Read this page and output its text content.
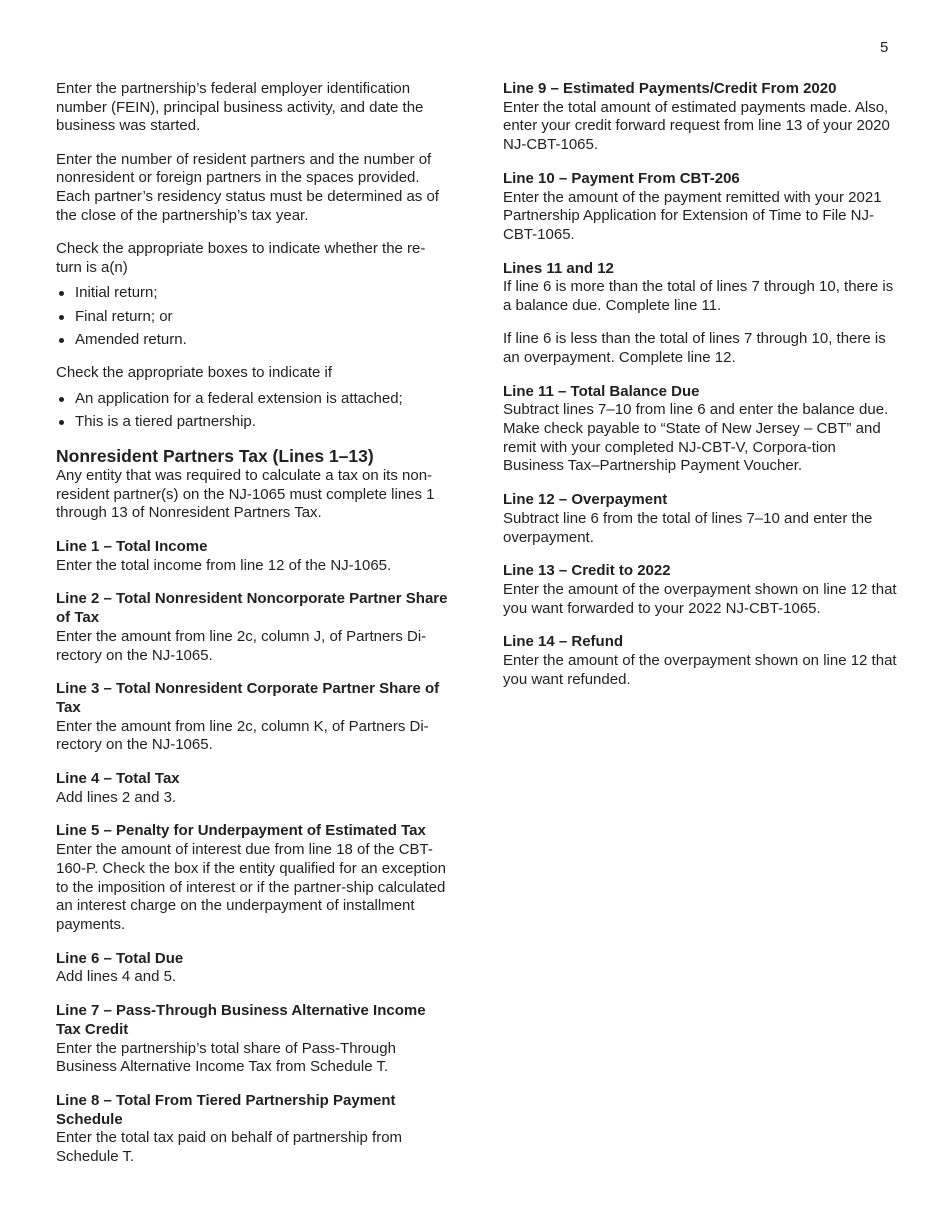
5

Enter the partnership’s federal employer identification number (FEIN), principal business activity, and date the business was started.

Enter the number of resident partners and the number of nonresident or foreign partners in the spaces provided. Each partner’s residency status must be determined as of the close of the partnership’s tax year.

Check the appropriate boxes to indicate whether the re-turn is a(n)

Initial return;
Final return; or
Amended return.

Check the appropriate boxes to indicate if

An application for a federal extension is attached;
This is a tiered partnership.

Nonresident Partners Tax (Lines 1–13)

Any entity that was required to calculate a tax on its non-resident partner(s) on the NJ-1065 must complete lines 1 through 13 of Nonresident Partners Tax.

Line 1 – Total Income

Enter the total income from line 12 of the NJ-1065.

Line 2 – Total Nonresident Noncorporate Partner Share of Tax

Enter the amount from line 2c, column J, of Partners Di-rectory on the NJ-1065.

Line 3 – Total Nonresident Corporate Partner Share of Tax

Enter the amount from line 2c, column K, of Partners Di-rectory on the NJ-1065.

Line 4 – Total Tax

Add lines 2 and 3.

Line 5 – Penalty for Underpayment of Estimated Tax

Enter the amount of interest due from line 18 of the CBT-160-P. Check the box if the entity qualified for an exception to the imposition of interest or if the partner-ship calculated an interest charge on the underpayment of installment payments.

Line 6 – Total Due

Add lines 4 and 5.

Line 7 – Pass-Through Business Alternative Income Tax Credit

Enter the partnership’s total share of Pass-Through Business Alternative Income Tax from Schedule T.

Line 8 – Total From Tiered Partnership Payment Schedule

Enter the total tax paid on behalf of partnership from Schedule T.

Line 9 – Estimated Payments/Credit From 2020

Enter the total amount of estimated payments made. Also, enter your credit forward request from line 13 of your 2020 NJ-CBT-1065.

Line 10 – Payment From CBT-206

Enter the amount of the payment remitted with your 2021 Partnership Application for Extension of Time to File NJ-CBT-1065.

Lines 11 and 12

If line 6 is more than the total of lines 7 through 10, there is a balance due. Complete line 11.

If line 6 is less than the total of lines 7 through 10, there is an overpayment. Complete line 12.

Line 11 – Total Balance Due

Subtract lines 7–10 from line 6 and enter the balance due. Make check payable to “State of New Jersey – CBT” and remit with your completed NJ-CBT-V, Corpora-tion Business Tax–Partnership Payment Voucher.

Line 12 – Overpayment

Subtract line 6 from the total of lines 7–10 and enter the overpayment.

Line 13 – Credit to 2022

Enter the amount of the overpayment shown on line 12 that you want forwarded to your 2022 NJ-CBT-1065.

Line 14 – Refund

Enter the amount of the overpayment shown on line 12 that you want refunded.
